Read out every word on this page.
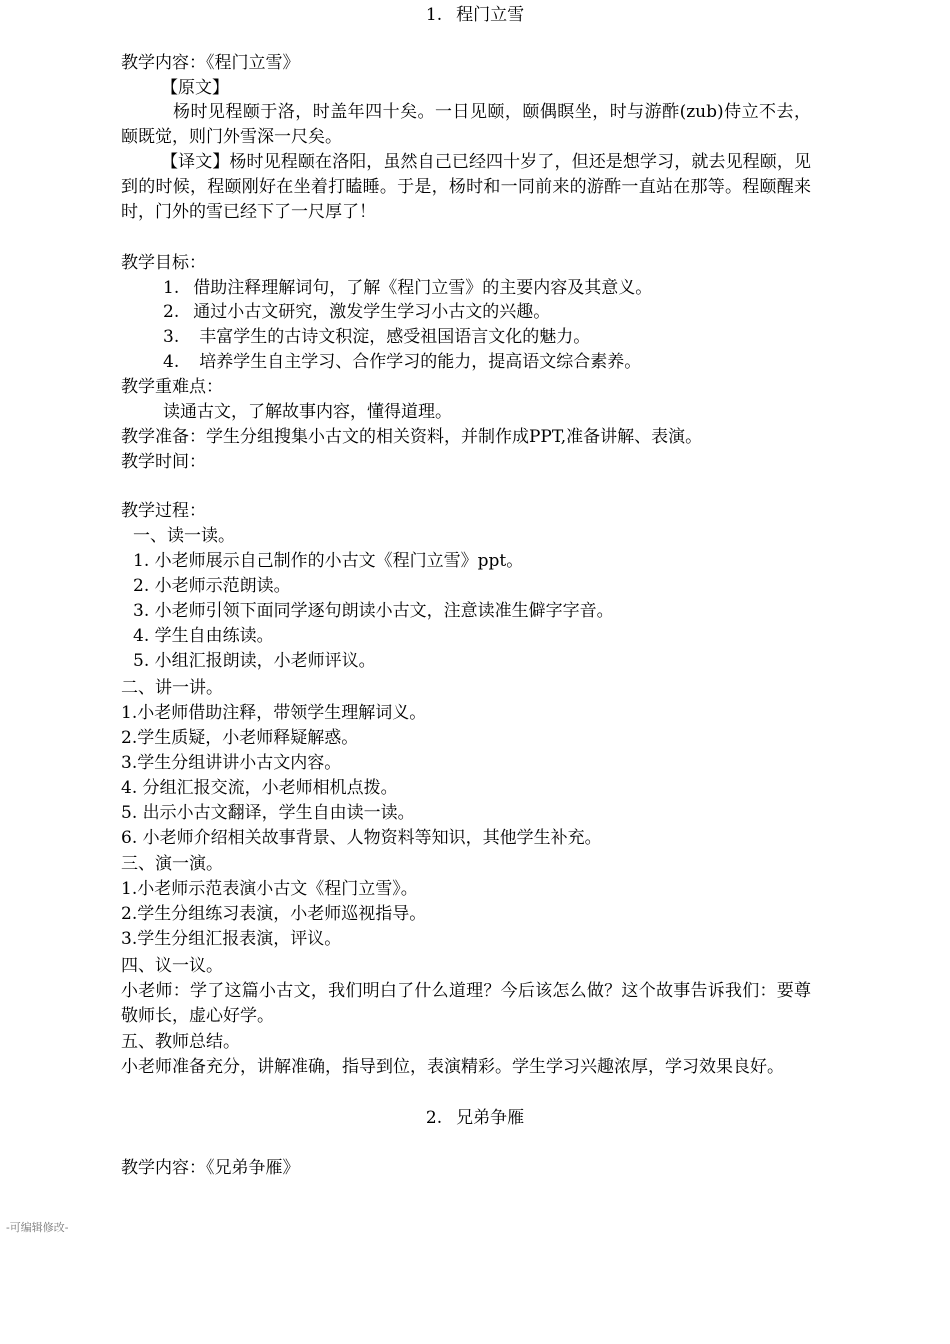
1. 程门立雪
教学内容：《程门立雪》
【原文】
杨时见程颐于洛，时盖年四十矣。一日见颐，颐偶瞑坐，时与游酢(zub)侍立不去，颐既觉，则门外雪深一尺矣。
【译文】杨时见程颐在洛阳，虽然自己已经四十岁了，但还是想学习，就去见程颐，见到的时候，程颐刚好在坐着打瞌睡。于是，杨时和一同前来的游酢一直站在那等。程颐醒来时，门外的雪已经下了一尺厚了！
教学目标：
1. 借助注释理解词句，了解《程门立雪》的主要内容及其意义。
2. 通过小古文研究，激发学生学习小古文的兴趣。
3. 丰富学生的古诗文积淀，感受祖国语言文化的魅力。
4. 培养学生自主学习、合作学习的能力，提高语文综合素养。
教学重难点：
读通古文，了解故事内容，懂得道理。
教学准备：学生分组搜集小古文的相关资料，并制作成PPT,准备讲解、表演。
教学时间：
教学过程：
一、读一读。
1. 小老师展示自己制作的小古文《程门立雪》ppt。
2. 小老师示范朗读。
3. 小老师引领下面同学逐句朗读小古文，注意读准生僻字字音。
4. 学生自由练读。
5. 小组汇报朗读，小老师评议。
二、讲一讲。
1.小老师借助注释，带领学生理解词义。
2.学生质疑，小老师释疑解惑。
3.学生分组讲讲小古文内容。
4. 分组汇报交流，小老师相机点拨。
5. 出示小古文翻译，学生自由读一读。
6. 小老师介绍相关故事背景、人物资料等知识，其他学生补充。
三、演一演。
1.小老师示范表演小古文《程门立雪》。
2.学生分组练习表演，小老师巡视指导。
3.学生分组汇报表演，评议。
四、议一议。
小老师：学了这篇小古文，我们明白了什么道理？今后该怎么做？这个故事告诉我们：要尊敬师长，虚心好学。
五、教师总结。
小老师准备充分，讲解准确，指导到位，表演精彩。学生学习兴趣浓厚，学习效果良好。
2. 兄弟争雁
教学内容：《兄弟争雁》
-可编辑修改-
